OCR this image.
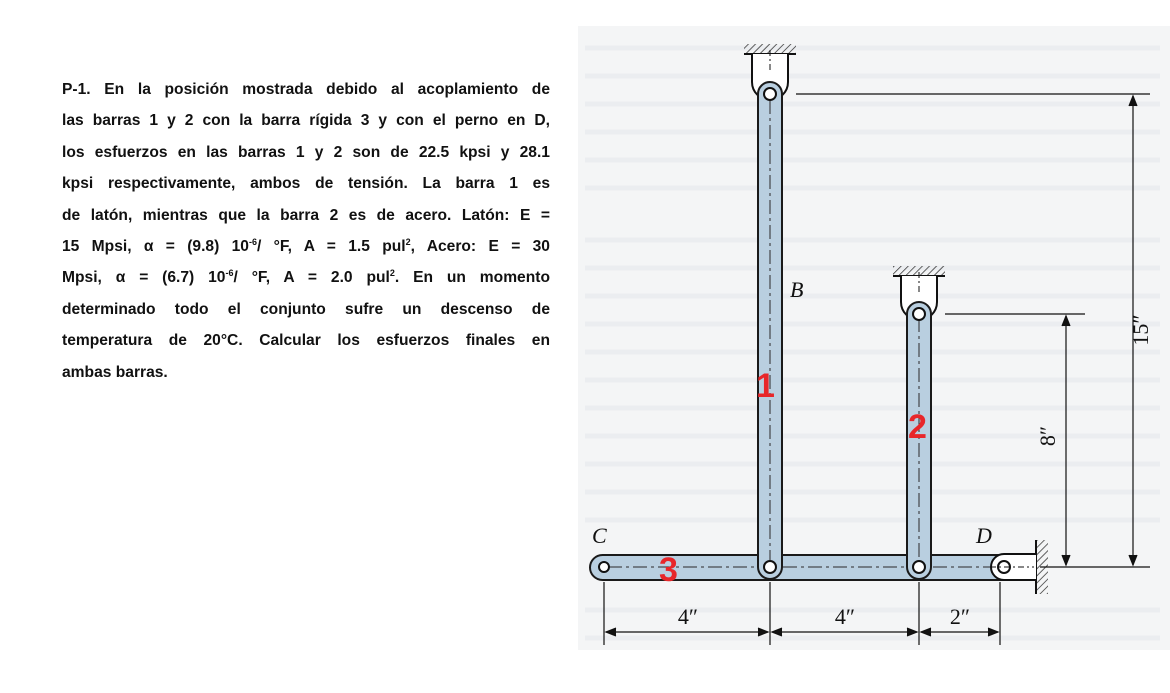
P-1. En la posición mostrada debido al acoplamiento de
las barras 1 y 2 con la barra rígida 3 y con el perno en D,
los esfuerzos en las barras 1 y 2 son de 22.5 kpsi y 28.1
kpsi respectivamente, ambos de tensión. La barra 1 es
de latón, mientras que la barra 2 es de acero. Latón: E =
15 Mpsi, α = (9.8) $10^{-6}/$ °F, A = 1.5 pul$^2$, Acero: E = 30
Mpsi, α = (6.7) $10^{-6}/$ °F, A = 2.0 pul$^2$. En un momento
determinado todo el conjunto sufre un descenso de
temperatura de 20°C. Calcular los esfuerzos finales en
ambas barras.
B
C	D
1
2
3
15″
8″
4″	4″	2″
